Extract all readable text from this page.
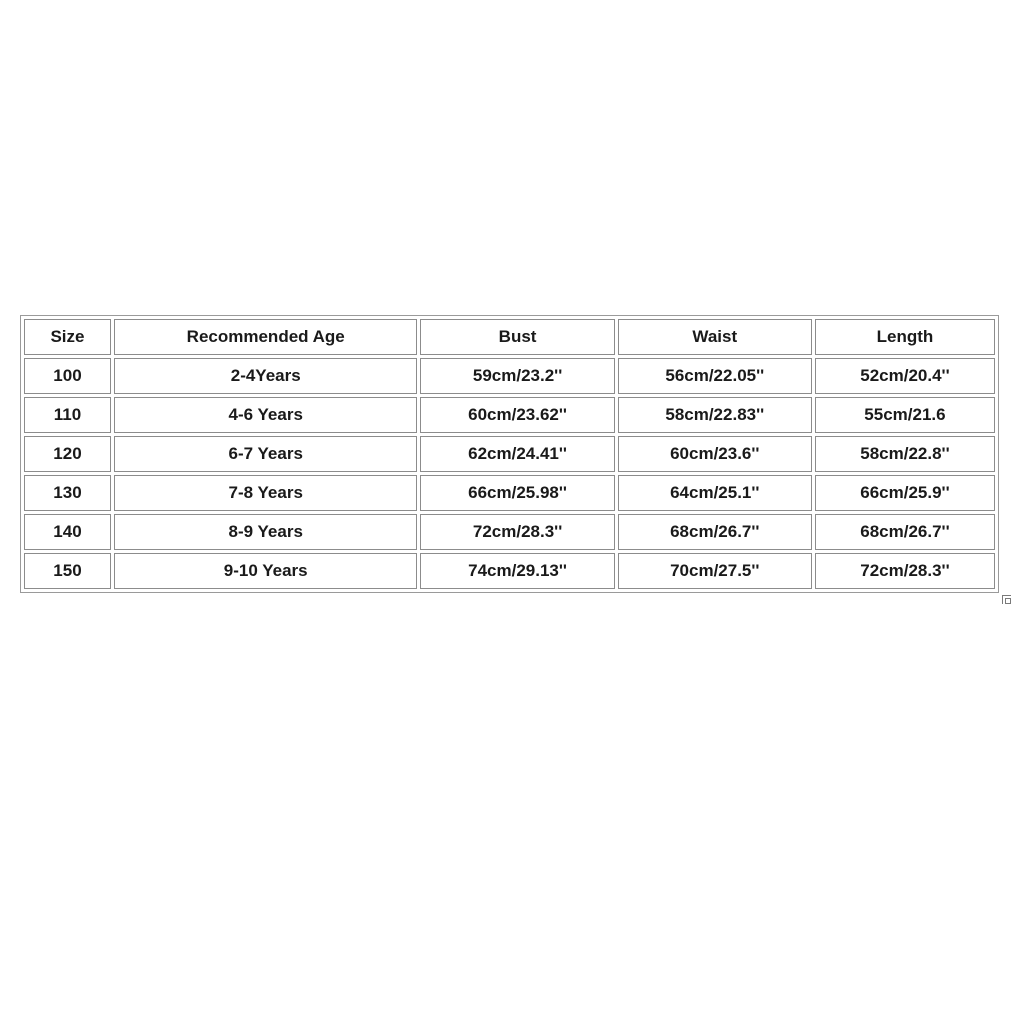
Size	Recommended Age	Bust	Waist	Length
100	2-4Years	59cm/23.2''	56cm/22.05''	52cm/20.4''
110	4-6 Years	60cm/23.62''	58cm/22.83''	55cm/21.6
120	6-7 Years	62cm/24.41''	60cm/23.6''	58cm/22.8''
130	7-8 Years	66cm/25.98''	64cm/25.1''	66cm/25.9''
140	8-9 Years	72cm/28.3''	68cm/26.7''	68cm/26.7''
150	9-10 Years	74cm/29.13''	70cm/27.5''	72cm/28.3''
